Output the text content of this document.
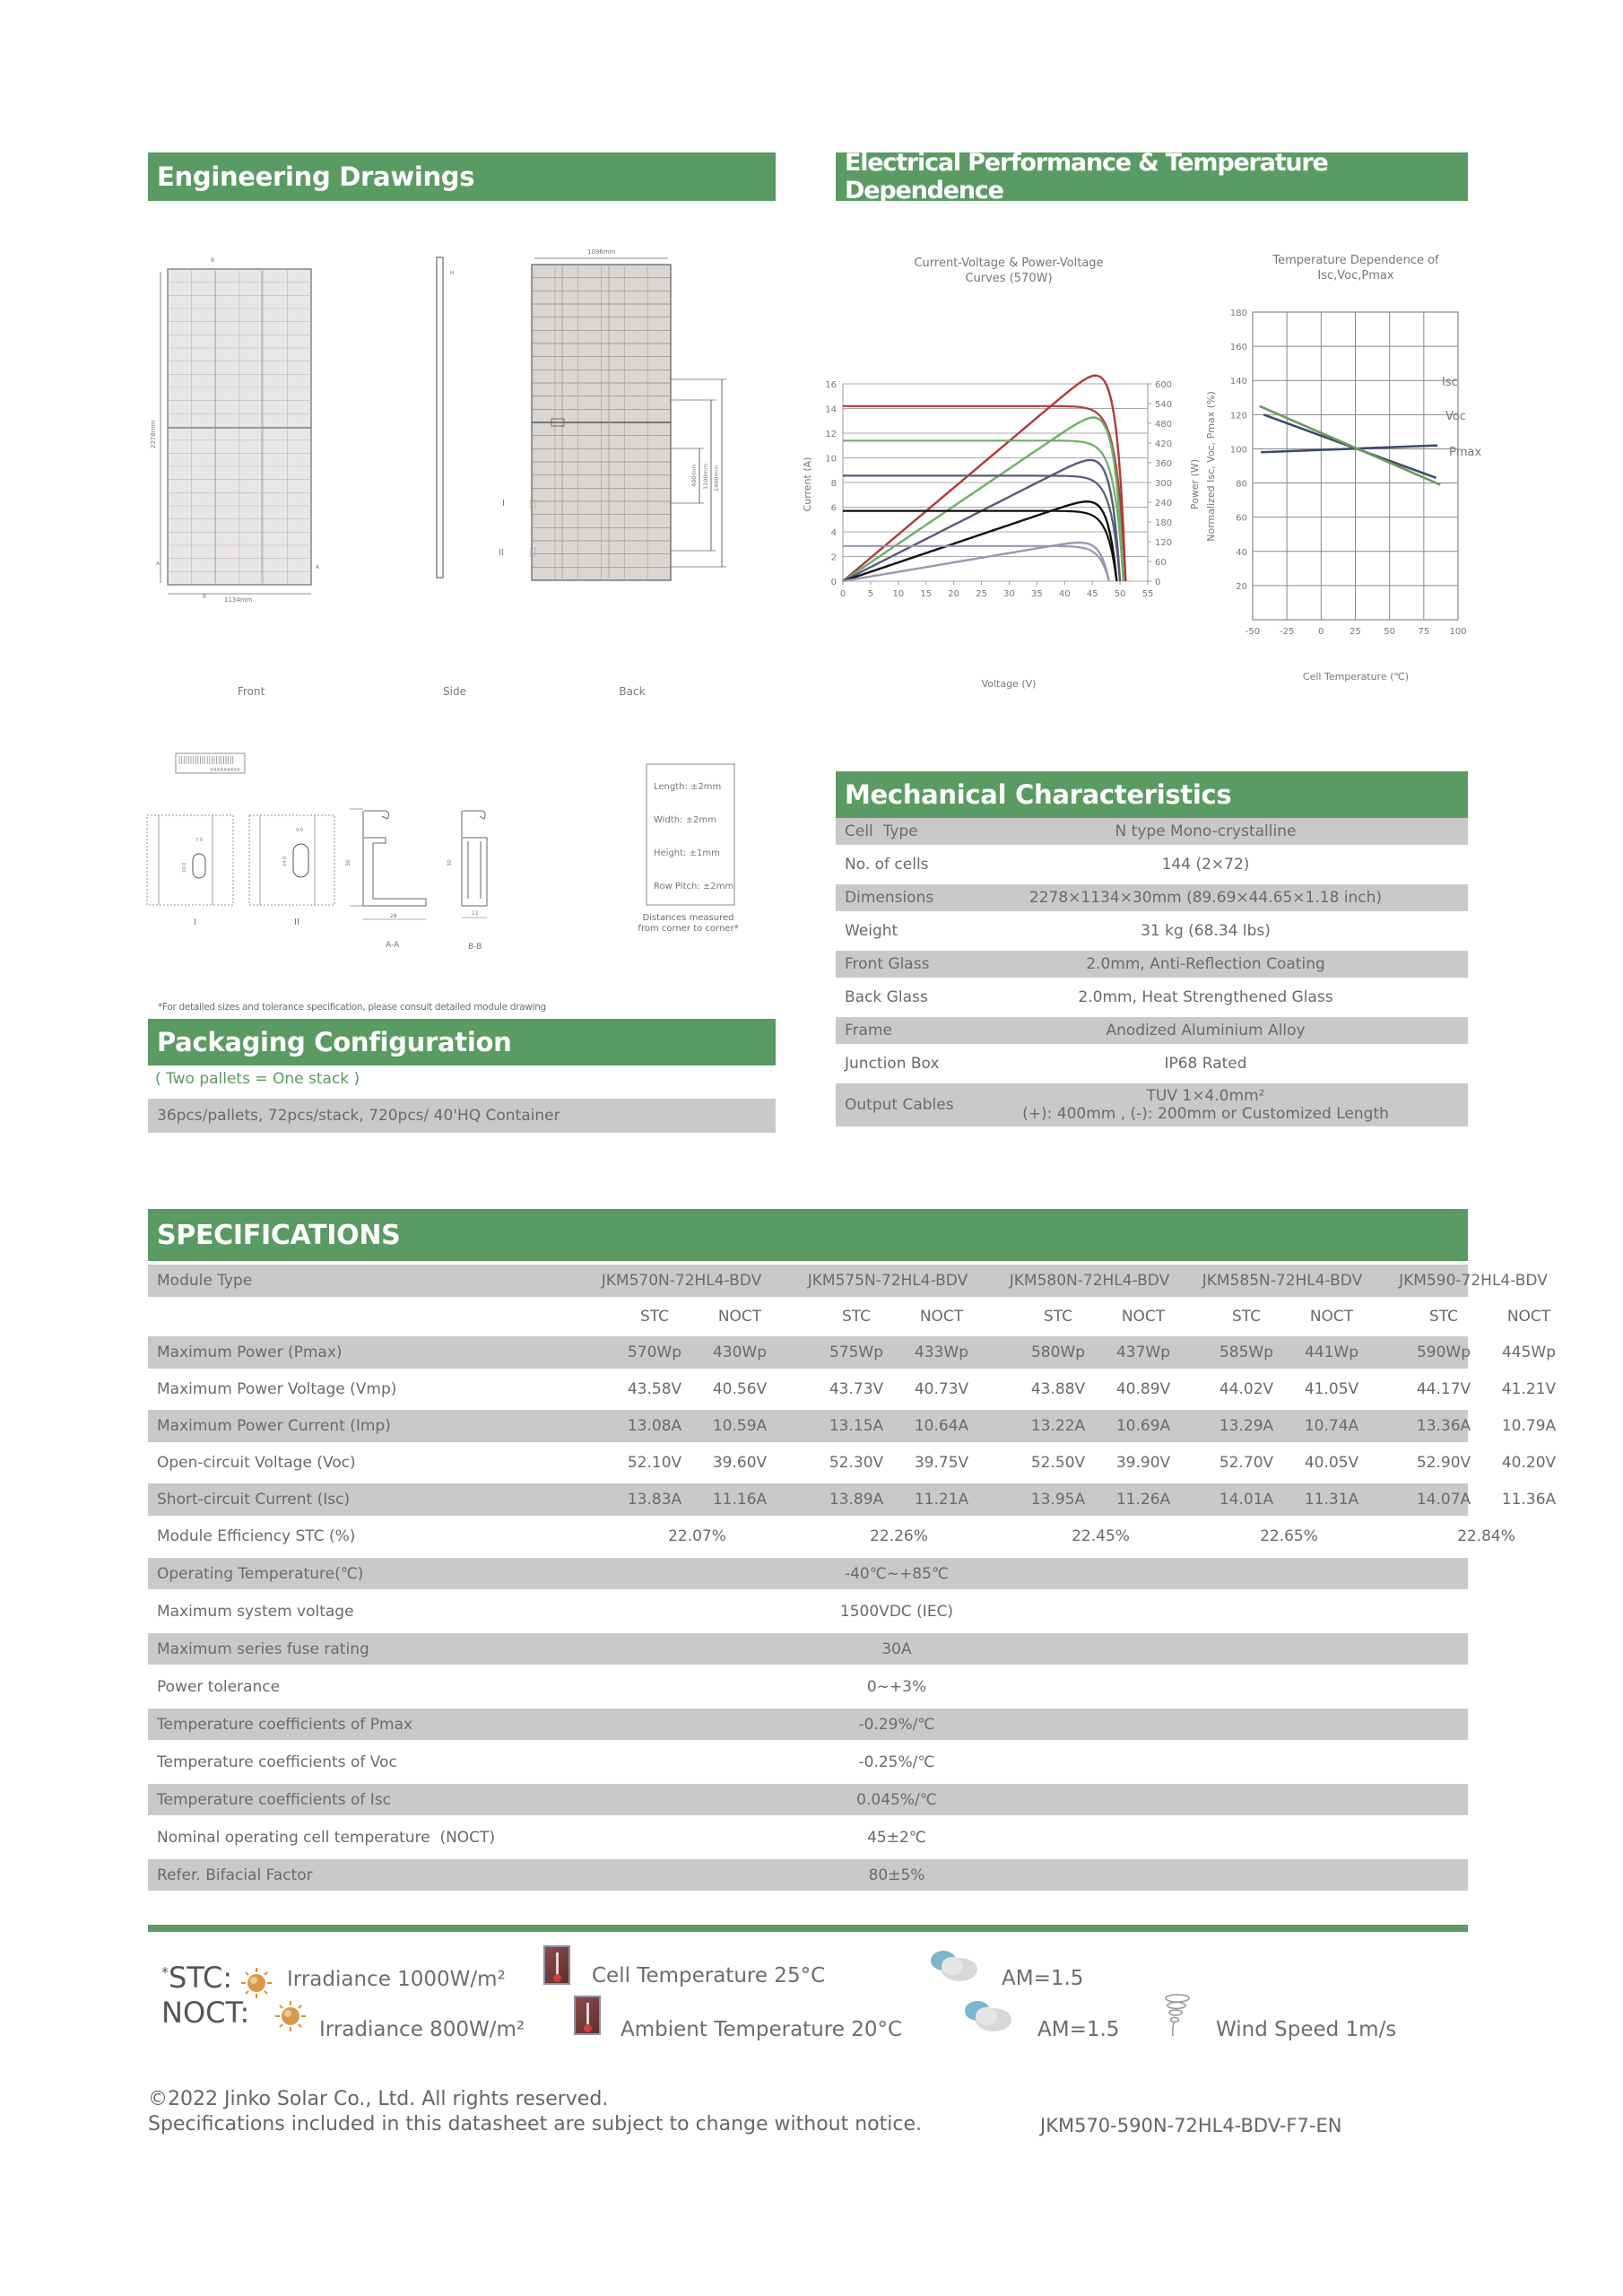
Engineering Drawings	Electrical Performance & Temperature Dependence
2278mm
1134mm
B
B
A
A
H
1096mm
400mm 1100mm 1400mm
I
II
Front	Side	Back
XXXXXXXXX
7.0
10.0
I
9.0
14.0
II
30
28
A-A
30
11
B-B
Length: ±2mm
Width: ±2mm
Height: ±1mm
Row Pitch: ±2mm
Distances measured from corner to corner*
*For detailed sizes and tolerance specification, please consult detailed module drawing
Packaging Configuration
( Two pallets = One stack )
36pcs/pallets, 72pcs/stack, 720pcs/ 40'HQ Container
Current-Voltage & Power-Voltage
Curves (570W)
0
2
4
6
8
10
12
14
16
0
60
120
180
240
300
360
420
480
540
600
0 5 10 15 20 25 30 35 40 45 50 55
Voltage (V)
Current (A)	Power (W)
Temperature Dependence of
Isc,Voc,Pmax
20
40
60
80
100
120
140
160
180
-50 -25	0	25	50	75 100
Cell Temperature (℃)
Normalized Isc, Voc, Pmax (%)
Isc
Voc
Pmax
Mechanical Characteristics
Cell  Type	N type Mono-crystalline
No. of cells	144 (2×72)
Dimensions	2278×1134×30mm (89.69×44.65×1.18 inch)
Weight	31 kg (68.34 lbs)
Front Glass	2.0mm, Anti-Reflection Coating
Back Glass	2.0mm, Heat Strengthened Glass
Frame	Anodized Aluminium Alloy
Junction Box	IP68 Rated
Output Cables	TUV 1×4.0mm²
(+): 400mm , (-): 200mm or Customized Length
SPECIFICATIONS
Module Type	JKM570N-72HL4-BDV	JKM575N-72HL4-BDV	JKM580N-72HL4-BDV	JKM585N-72HL4-BDV	JKM590-72HL4-BDV
STC	NOCT	STC	NOCT	STC	NOCT	STC	NOCT	STC	NOCT
Maximum Power (Pmax)	570Wp	430Wp	575Wp	433Wp	580Wp	437Wp	585Wp	441Wp	590Wp	445Wp
Maximum Power Voltage (Vmp)	43.58V	40.56V	43.73V	40.73V	43.88V	40.89V	44.02V	41.05V	44.17V	41.21V
Maximum Power Current (Imp)	13.08A	10.59A	13.15A	10.64A	13.22A	10.69A	13.29A	10.74A	13.36A	10.79A
Open-circuit Voltage (Voc)	52.10V	39.60V	52.30V	39.75V	52.50V	39.90V	52.70V	40.05V	52.90V	40.20V
Short-circuit Current (Isc)	13.83A	11.16A	13.89A	11.21A	13.95A	11.26A	14.01A	11.31A	14.07A	11.36A
Module Efficiency STC (%)	22.07%	22.26%	22.45%	22.65%	22.84%
Operating Temperature(℃)	-40℃~+85℃
Maximum system voltage	1500VDC (IEC)
Maximum series fuse rating	30A
Power tolerance	0~+3%
Temperature coefficients of Pmax	-0.29%/℃
Temperature coefficients of Voc	-0.25%/℃
Temperature coefficients of Isc	0.045%/℃
Nominal operating cell temperature  (NOCT)	45±2℃
Refer. Bifacial Factor	80±5%
*STC:	Irradiance 1000W/m²	Cell Temperature 25°C	AM=1.5
NOCT:	Irradiance 800W/m²	Ambient Temperature 20°C	AM=1.5	Wind Speed 1m/s
©2022 Jinko Solar Co., Ltd. All rights reserved.
Specifications included in this datasheet are subject to change without notice.	JKM570-590N-72HL4-BDV-F7-EN
